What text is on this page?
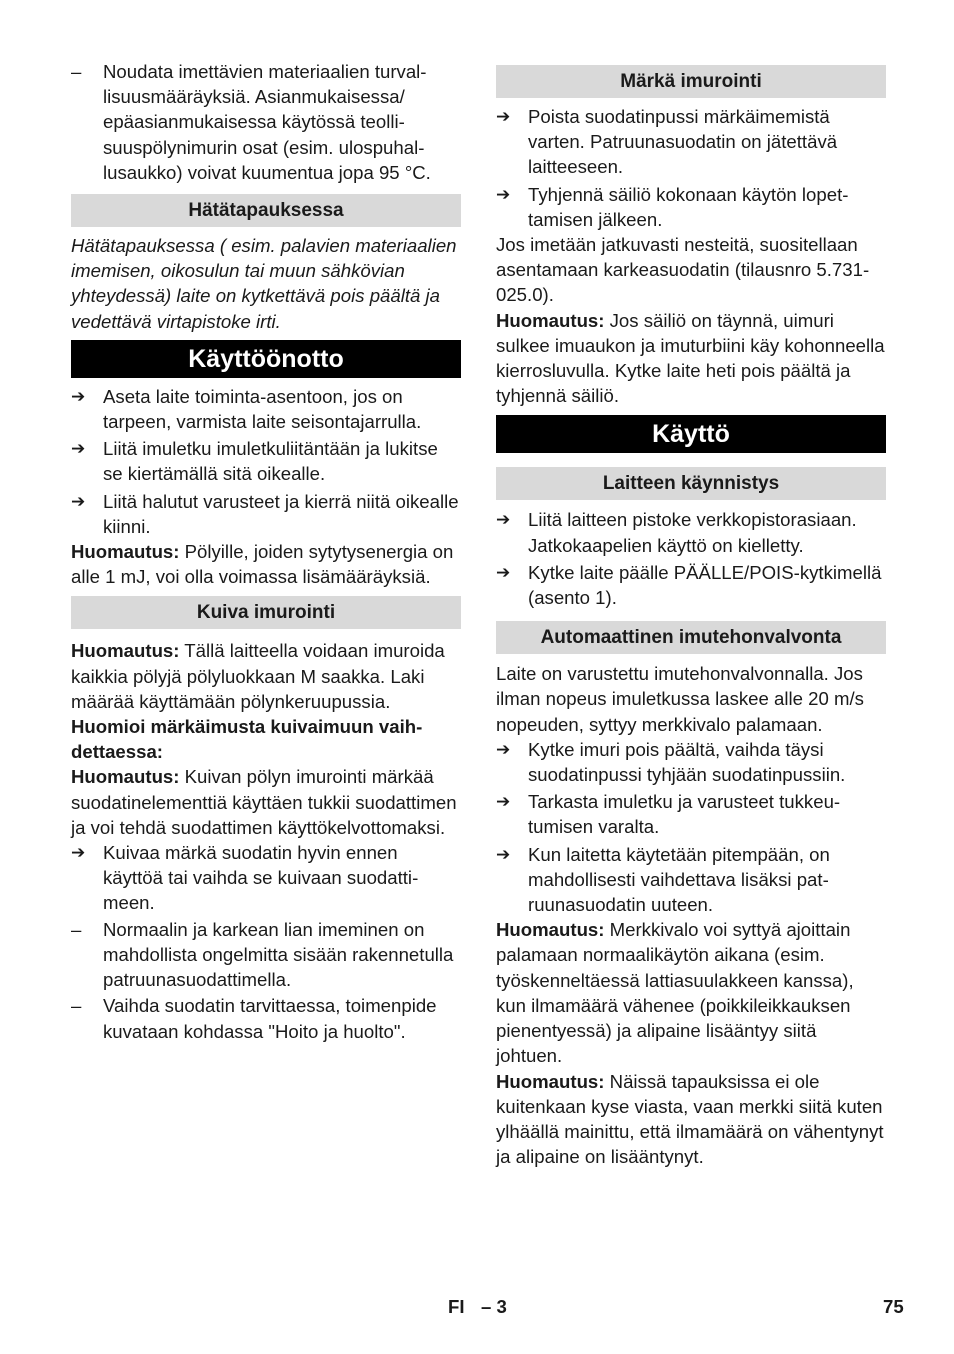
– Noudata imettävien materiaalien turvallisuusmääräyksiä. Asianmukaisessa/ epäasianmukaisessa käytössä teollisuuspölynimurin osat (esim. ulospuhallusaukko) voivat kuumentua jopa 95 °C.

Hätätapauksessa

Hätätapauksessa ( esim. palavien materiaalien imemisen, oikosulun tai muun sähkövian yhteydessä) laite on kytkettävä pois päältä ja vedettävä virtapistoke irti.

Käyttöönotto

➔ Aseta laite toiminta-asentoon, jos on tarpeen, varmista laite seisontajarrulla.

➔ Liitä imuletku imuletkuliitäntään ja lukitse se kiertämällä sitä oikealle.

➔ Liitä halutut varusteet ja kierrä niitä oikealle kiinni.

Huomautus: Pölyille, joiden sytytysenergia on alle 1 mJ, voi olla voimassa lisämääräyksiä.

Kuiva imurointi

Huomautus: Tällä laitteella voidaan imuroida kaikkia pölyjä pölyluokkaan M saakka. Laki määrää käyttämään pölynkeruupussia.

Huomioi märkäimusta kuivaimuun vaihdettaessa:

Huomautus: Kuivan pölyn imurointi märkää suodatinelementtiä käyttäen tukkii suodattimen ja voi tehdä suodattimen käyttökelvottomaksi.

➔ Kuivaa märkä suodatin hyvin ennen käyttöä tai vaihda se kuivaan suodattimeen.

– Normaalin ja karkean lian imeminen on mahdollista ongelmitta sisään rakennetulla patruunasuodattimella.

– Vaihda suodatin tarvittaessa, toimenpide kuvataan kohdassa "Hoito ja huolto".

Märkä imurointi

➔ Poista suodatinpussi märkäimemistä varten. Patruunasuodatin on jätettävä laitteeseen.

➔ Tyhjennä säiliö kokonaan käytön lopettamisen jälkeen.

Jos imetään jatkuvasti nesteitä, suositellaan asentamaan karkeasuodatin (tilausnro 5.731-025.0).

Huomautus: Jos säiliö on täynnä, uimuri sulkee imuaukon ja imuturbiini käy kohonneella kierrosluvulla. Kytke laite heti pois päältä ja tyhjennä säiliö.

Käyttö
Laitteen käynnistys

➔ Liitä laitteen pistoke verkkopistorasiaan. Jatkokaapelien käyttö on kielletty.

➔ Kytke laite päälle PÄÄLLE/POIS-kytkimellä (asento 1).

Automaattinen imutehonvalvonta

Laite on varustettu imutehonvalvonnalla. Jos ilman nopeus imuletkussa laskee alle 20 m/s nopeuden, syttyy merkkivalo palamaan.

➔ Kytke imuri pois päältä, vaihda täysi suodatinpussi tyhjään suodatinpussiin.

➔ Tarkasta imuletku ja varusteet tukkeutumisen varalta.

➔ Kun laitetta käytetään pitempään, on mahdollisesti vaihdettava lisäksi patruunasuodatin uuteen.

Huomautus: Merkkivalo voi syttyä ajoittain palamaan normaalikäytön aikana (esim. työskenneltäessä lattiasuulakkeen kanssa), kun ilmamäärä vähenee (poikkileikkauksen pienentyessä) ja alipaine lisääntyy siitä johtuen.

Huomautus: Näissä tapauksissa ei ole kuitenkaan kyse viasta, vaan merkki siitä kuten ylhäällä mainittu, että ilmamäärä on vähentynyt ja alipaine on lisääntynyt.

FI – 3	75
